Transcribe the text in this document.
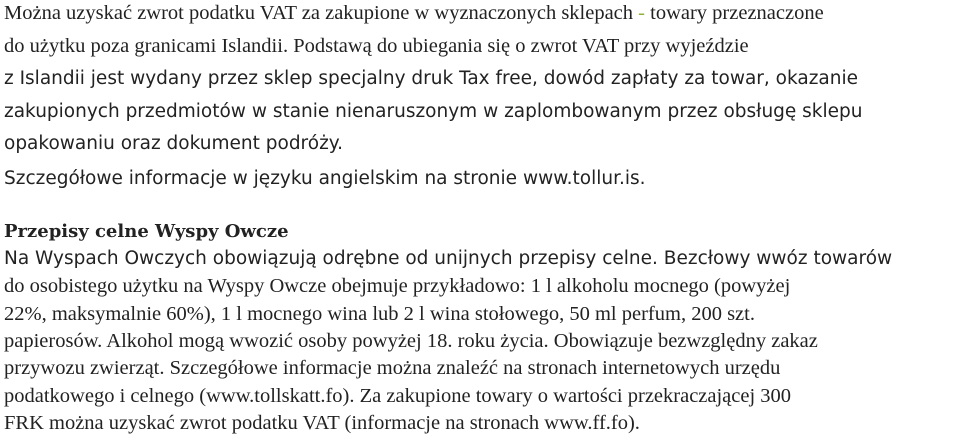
Można uzyskać zwrot podatku VAT za zakupione w wyznaczonych sklepach - towary przeznaczone
do użytku poza granicami Islandii. Podstawą do ubiegania się o zwrot VAT przy wyjeździe
z Islandii jest wydany przez sklep specjalny druk Tax free, dowód zapłaty za towar, okazanie
zakupionych przedmiotów w stanie nienaruszonym w zaplombowanym przez obsługę sklepu
opakowaniu oraz dokument podróży.
Szczegółowe informacje w języku angielskim na stronie www.tollur.is.
Przepisy celne Wyspy Owcze
Na Wyspach Owczych obowiązują odrębne od unijnych przepisy celne. Bezcłowy wwóz towarów
do osobistego użytku na Wyspy Owcze obejmuje przykładowo: 1 l alkoholu mocnego (powyżej
22%, maksymalnie 60%), 1 l mocnego wina lub 2 l wina stołowego, 50 ml perfum, 200 szt.
papierosów. Alkohol mogą wwozić osoby powyżej 18. roku życia. Obowiązuje bezwzględny zakaz
przywozu zwierząt. Szczegółowe informacje można znaleźć na stronach internetowych urzędu
podatkowego i celnego (www.tollskatt.fo). Za zakupione towary o wartości przekraczającej 300
FRK można uzyskać zwrot podatku VAT (informacje na stronach www.ff.fo).
